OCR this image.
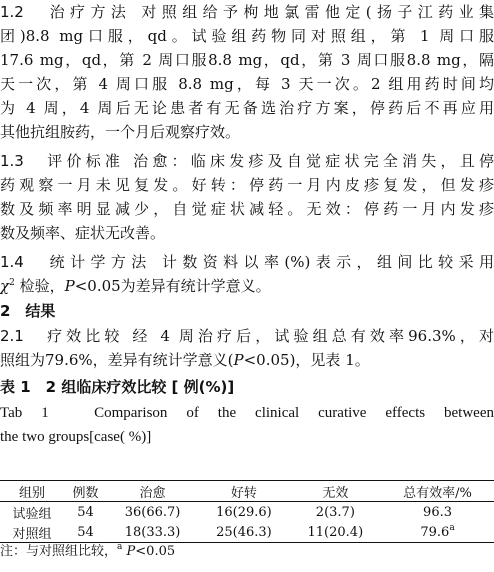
1.2　治疗方法 对照组给予枸地氯雷他定(扬子江药业集
团)8.8 mg口服，qd。试验组药物同对照组，第 1 周口服
17.6 mg，qd，第 2 周口服8.8 mg，qd，第 3 周口服8.8 mg，隔
天一次，第 4 周口服 8.8 mg，每 3 天一次。2 组用药时间均
为 4 周，4 周后无论患者有无备选治疗方案，停药后不再应用
其他抗组胺药，一个月后观察疗效。
1.3　评价标准 治愈：临床发疹及自觉症状完全消失，且停
药观察一月未见复发。好转：停药一月内皮疹复发，但发疹
数及频率明显减少，自觉症状减轻。无效：停药一月内发疹
数及频率、症状无改善。
1.4　统计学方法 计数资料以率(%)表示，组间比较采用
$\chi^2$ 检验，P<0.05为差异有统计学意义。
2　结果
2.1　疗效比较 经 4 周治疗后，试验组总有效率96.3%，对
照组为79.6%，差异有统计学意义(P<0.05)，见表 1。
表 1　2 组临床疗效比较 [ 例(%)]
Tab 1　Comparison of the clinical curative effects between
the two groups[case( %)]
组别	例数	治愈	好转	无效	总有效率/%
试验组	54	36(66.7)	16(29.6)	2(3.7)	96.3
对照组	54	18(33.3)	25(46.3)	11(20.4)	79.6$^a$
注：与对照组比较，$^a$ P<0.05
